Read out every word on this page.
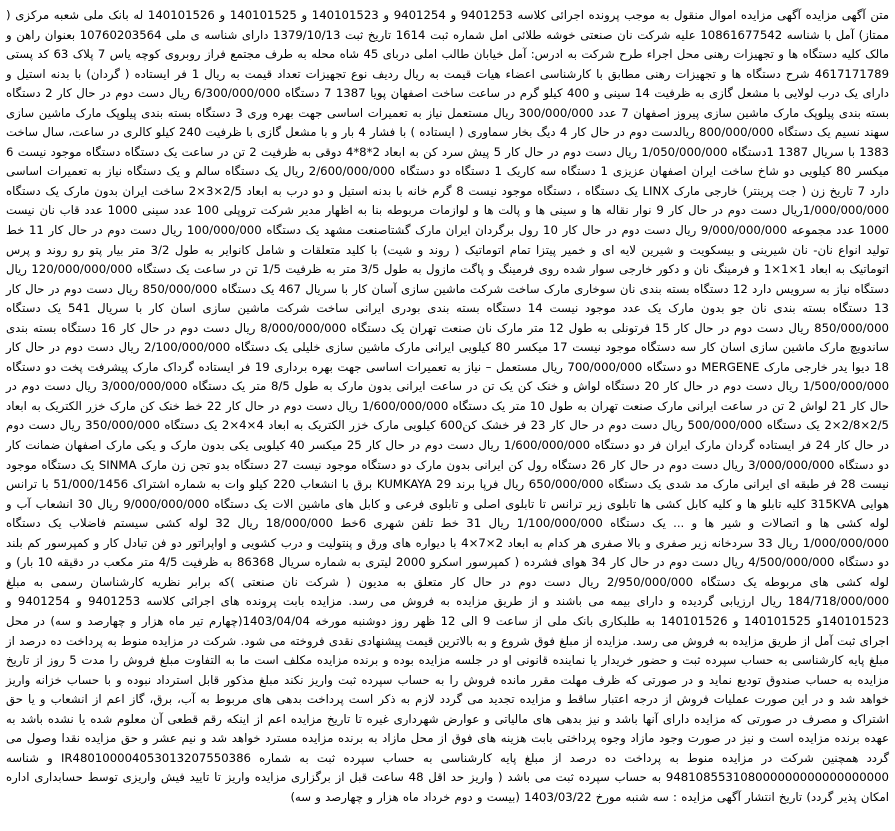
متن آگهی مزایده آگهی مزایده اموال منقول به موجب پرونده اجرائی کلاسه 9401253 و 9401254 و 140101523 و 140101525 و 140101526 له بانک ملی شعبه مرکزی ( ممتاز) آمل با شناسه 10861677542 علیه شرکت نان صنعتی خوشه طلائی امل شماره ثبت 1614 تاریخ ثبت 1379/10/13 دارای شناسه ی ملی 10760203564 بعنوان راهن و مالک کلیه دستگاه ها و تجهیزات رهنی محل اجراء طرح شرکت به ادرس: آمل خیابان طالب املی دربای 45 شاه محله به طرف مجتمع فراز روبروی کوچه یاس 7 پلاک 63 کد پستی 4617171789 شرح دستگاه ها و تجهیزات رهنی مطابق با کارشناسی اعضاء هیات قیمت به ریال ردیف نوع تجهیزات تعداد قیمت به ریال 1 فر ایستاده ( گردان) با بدنه استیل و دارای یک درب لولایی با مشعل گازی به ظرفیت 14 سینی و 400 کیلو گرم در ساعت ساخت اصفهان پویا 1387 7 دستگاه 6/300/000/000 ریال دست دوم در حال کار 2 دستگاه بسته بندی پیلوپک مارک ماشین سازی پیروز اصفهان 7 عدد 300/000/000 ریال مستعمل نیاز به تعمیرات اساسی جهت بهره وری 3 دستگاه بسته بندی پیلوپک مارک ماشین سازی سهند نسیم یک دستگاه 800/000/000 ریالدست دوم در حال کار 4 دیگ بخار سماوری ( ایستاده ) با فشار 4 بار و با مشعل گازی با ظرفیت 240 کیلو کالری در ساعت، سال ساخت 1383 با سریال 1387 1دستگاه 1/050/000/000 ریال دست دوم در حال کار 5 پیش سرد کن به ابعاد 2*8*4 دوقی به ظرفیت 2 تن در ساعت یک دستگاه دستگاه موجود نیست 6 میکسر 80 کیلویی دو شاخ ساخت ایران اصفهان عزیزی 1 دستگاه سه کاریک 1 دستگاه دو دستگاه 2/600/000/000 ریال یک دستگاه سالم و یک دستگاه نیاز به تعمیرات اساسی دارد 7 تاریخ زن ( جت پرینتر) خارجی مارک LINX یک دستگاه ، دستگاه موجود نیست 8 گرم خانه با بدنه استیل و دو درب به ابعاد 2/5×3×2 ساخت ایران بدون مارک یک دستگاه 1/000/000/000ریال دست دوم در حال کار 9 نوار نقاله ها و سینی ها و پالت ها و لوازمات مربوطه بنا به اظهار مدیر شرکت تروپلی 100 عدد سینی 1000 عدد قاب نان نیست 1000 عدد مجموعه 9/000/000/000 ریال دست دوم در حال کار 10 رول برگردان ایران مارک گشتاصنعت مشهد یک دستگاه 100/000/000 ریال دست دوم در حال کار 11 خط تولید انواع نان- نان شیرینی و بیسکویت و شیرین لایه ای و خمیر پیتزا تمام اتوماتیک ( روند و شیت) با کلید متعلقات و شامل کانوایر به طول 3/2 متر بیار پتو رو روند و پرس اتوماتیک به ابعاد 1×1×1 و فرمینگ نان و دکور خارجی سوار شده روی فرمینگ و پاگت مازول به طول 3/5 متر به ظرفیت 1/5 تن در ساعت یک دستگاه 120/000/000/000 ریال دستگاه نیاز به سرویس دارد 12 دستگاه بسته بندی نان سوخاری مارک ساخت شرکت ماشین سازی آسان کار با سریال 467 یک دستگاه 850/000/000 ریال دست دوم در حال کار 13 دستگاه بسته بندی نان جو بدون مارک یک عدد موجود نیست 14 دستگاه بسته بندی بودری ایرانی ساخت شرکت ماشین سازی اسان کار با سریال 541 یک دستگاه 850/000/000 ریال دست دوم در حال کار 15 فرتونلی به طول 12 متر مارک نان صنعت تهران یک دستگاه 8/000/000/000 ریال دست دوم در حال کار 16 دستگاه بسته بندی ساندویچ مارک ماشین سازی اسان کار سه دستگاه موجود نیست 17 میکسر 80 کیلویی ایرانی مارک ماشین سازی خلیلی یک دستگاه 2/100/000/000 ریال دست دوم در حال کار 18 دیوا یدر خارجی مارک MERGENE دو دستگاه 700/000/000 ریال مستعمل – نیاز به تعمیرات اساسی جهت بهره برداری 19 فر ایستاده گرداک مارک پیشرفت پخت دو دستگاه 1/500/000/000 ریال دست دوم در حال کار 20 دستگاه لواش و خنک کن یک تن در ساعت ایرانی بدون مارک به طول 8/5 متر یک دستگاه 3/000/000/000 ریال دست دوم در حال کار 21 لواش 2 تن در ساعت ایرانی مارک صنعت تهران به طول 10 متر یک دستگاه 1/600/000/000 ریال دست دوم در حال کار 22 خط خنک کن مارک خزر الکتریک به ابعاد 2/5×2/8×2 یک دستگاه 500/000/000 ریال دست دوم در حال کار 23 فر خشک کن600 کیلویی مارک خزر الکتریک به ابعاد 4×4×2 یک دستگاه 350/000/000 ریال دست دوم در حال کار 24 فر ایستاده گردان مارک ایران فر دو دستگاه 1/600/000/000 ریال دست دوم در حال کار 25 میکسر 40 کیلویی یکی بدون مارک و یکی مارک اصفهان ضمانت کار دو دستگاه 3/000/000/000 ریال دست دوم در حال کار 26 دستگاه رول کن ایرانی بدون مارک دو دستگاه موجود نیست 27 دستگاه بدو تجن زن مارک SINMA یک دستگاه موجود نیست 28 فر طبقه ای ایرانی مارک مد شدی یک دستگاه 650/000/000 ریال فرپا برند KUMKAYA 29 برق با انشعاب 220 کیلو وات به شماره اشتراک 51/000/1456 با ترانس هوایی 315KVA کلیه تابلو ها و کلیه کابل کشی ها تابلوی زیر ترانس تا تابلوی اصلی و تابلوی فرعی و کابل های ماشین الات یک دستگاه 9/000/000/000 ریال 30 انشعاب آب و لوله کشی ها و اتصالات و شیر ها و ... یک دستگاه 1/100/000/000 ریال 31 خط تلفن شهری 6خط 18/000/000 ریال 32 لوله کشی سیستم فاضلاب یک دستگاه 1/000/000/000 ریال 33 سردخانه زیر صفری و بالا صفری هر کدام به ابعاد 2×7×4 با دیواره های ورق و پنتولیت و درب کشویی و اواپراتور دو فن تبادل کار و کمپرسور کم بلند دو دستگاه 4/500/000/000 ریال دست دوم در حال کار 34 هوای فشرده ( کمپرسور اسکرو 2000 لیتری به شماره سریال 86368 به ظرفیت 4/5 متر مکعب در دقیقه 10 بار) و لوله کشی های مربوطه یک دستگاه 2/950/000/000 ریال دست دوم در حال کار متعلق به مدیون ( شرکت نان صنعتی )که برابر نظریه کارشناسان رسمی به مبلغ 184/718/000/000 ریال ارزیابی گردیده و دارای بیمه می باشند و از طریق مزایده به فروش می رسد. مزایده بابت پرونده های اجرائی کلاسه 9401253 و 9401254 و 140101523و 140101525 و 140101526 به طلبکاری بانک ملی از ساعت 9 الی 12 ظهر روز دوشنبه مورخه 1403/04/04(چهارم تیر ماه هزار و چهارصد و سه) در محل اجرای ثبت آمل از طریق مزایده به فروش می رسد. مزایده از مبلغ فوق شروع و به بالاترین قیمت پیشنهادی نقدی فروخته می شود. شرکت در مزایده منوط به پرداخت ده درصد از مبلغ پایه کارشناسی به حساب سپرده ثبت و حضور خریدار یا نماینده قانونی او در جلسه مزایده بوده و برنده مزایده مکلف است ما به التفاوت مبلغ فروش را مدت 5 روز از تاریخ مزایده به حساب صندوق تودیع نماید و در صورتی که ظرف مهلت مقرر مانده فروش را به حساب سپرده ثبت واریز نکند مبلغ مذکور قابل استرداد نبوده و با حساب خزانه واریز خواهد شد و در این صورت عملیات فروش از درجه اعتبار ساقط و مزایده تجدید می گردد لازم به ذکر است پرداخت بدهی های مربوط به آب، برق، گاز اعم از انشعاب و یا حق اشتراک و مصرف در صورتی که مزایده دارای آنها باشد و نیز بدهی های مالیاتی و عوارض شهرداری غیره تا تاریخ مزایده اعم از اینکه رقم قطعی آن معلوم شده یا نشده باشد به عهده برنده مزایده است و نیز در صورت وجود مازاد وجوه پرداختی بابت هزینه های فوق از محل مازاد به برنده مزایده مسترد خواهد شد و نیم عشر و حق مزایده نقدا وصول می گردد همچنین شرکت در مزایده منوط به پرداخت ده درصد از مبلغ پایه کارشناسی به حساب سپرده ثبت به شماره IR480100004053013207550386 و شناسه 948108553108000000000000000000 به حساب سپرده ثبت می باشد ( واریز حد اقل 48 ساعت قبل از برگزاری مزایده واریز تا تایید فیش واریزی توسط حسابداری اداره امکان پذیر گردد) تاریخ انتشار آگهی مزایده : سه شنبه مورخ 1403/03/22 (بیست و دوم خرداد ماه هزار و چهارصد و سه)
